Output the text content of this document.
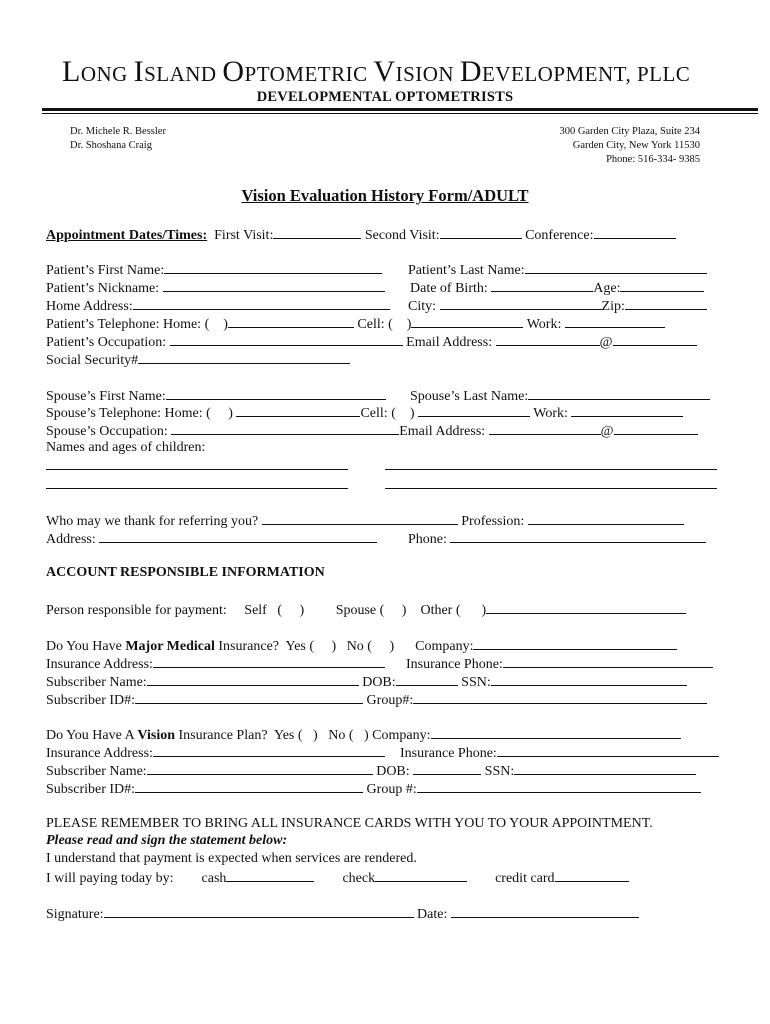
LONG ISLAND OPTOMETRIC VISION DEVELOPMENT, PLLC
DEVELOPMENTAL OPTOMETRISTS
Dr. Michele R. Bessler
Dr. Shoshana Craig
300 Garden City Plaza, Suite 234
Garden City, New York 11530
Phone: 516-334- 9385
Vision Evaluation History Form/ADULT
Appointment Dates/Times: First Visit:	Second Visit:	Conference:
Patient’s First Name:	Patient’s Last Name:
Patient’s Nickname:	Date of Birth:	Age:
Home Address:	City:	Zip:
Patient’s Telephone: Home: ( )	Cell: ( )	Work:
Patient’s Occupation:	Email Address:	@
Social Security#
Spouse’s First Name:	Spouse’s Last Name:
Spouse’s Telephone: Home: ( )	Cell: ( )	Work:
Spouse’s Occupation:	Email Address:	@
Names and ages of children:
Who may we thank for referring you?	Profession:
Address:	Phone:
ACCOUNT RESPONSIBLE INFORMATION
Person responsible for payment: Self   (     ) Spouse (     ) Other (      )
Do You Have Major Medical Insurance?  Yes (     )   No (     ) Company:
Insurance Address:	Insurance Phone:
Subscriber Name:	DOB:	SSN:
Subscriber ID#:	Group#:
Do You Have A Vision Insurance Plan?  Yes (   )   No (   ) Company:
Insurance Address:	Insurance Phone:
Subscriber Name:	DOB:	SSN:
Subscriber ID#:	Group #:
PLEASE REMEMBER TO BRING ALL INSURANCE CARDS WITH YOU TO YOUR APPOINTMENT.
Please read and sign the statement below:
I understand that payment is expected when services are rendered.
I will paying today by: cash	check	credit card
Signature:	Date:
